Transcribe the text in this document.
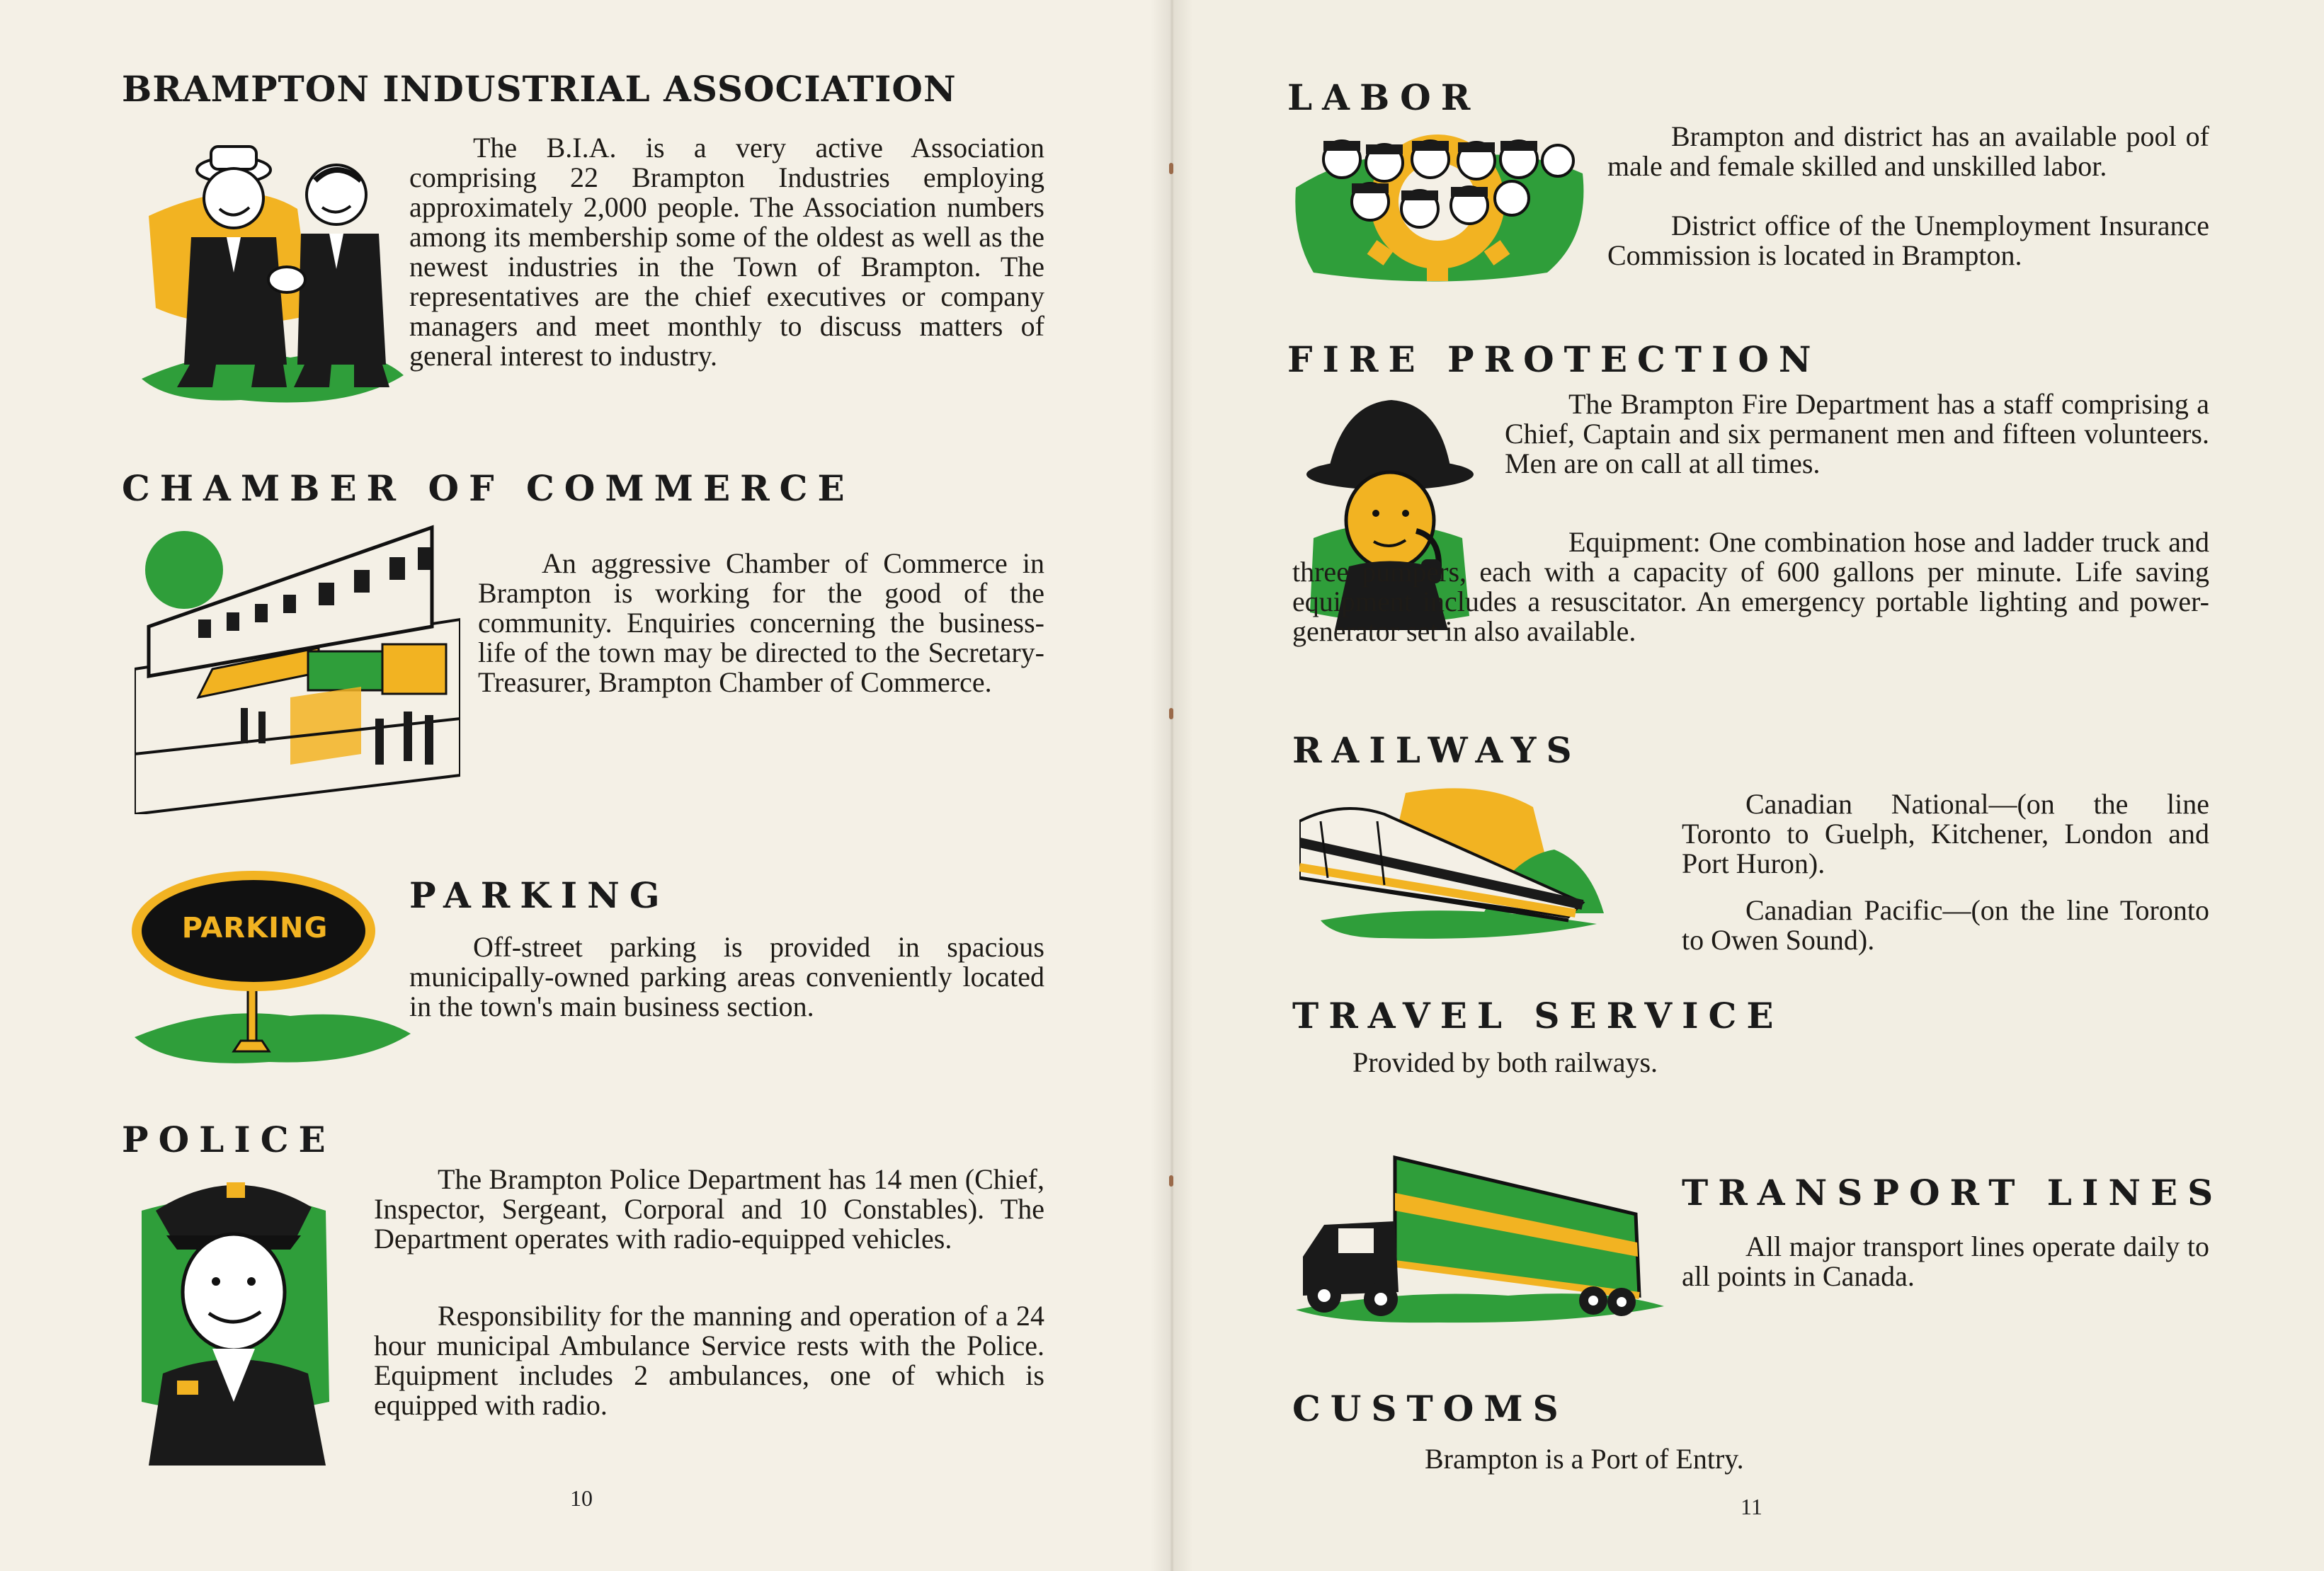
BRAMPTON INDUSTRIAL ASSOCIATION

The B.I.A. is a very active Association comprising 22 Brampton Industries employing approximately 2,000 people. The Association numbers among its membership some of the oldest as well as the newest industries in the Town of Brampton. The representatives are the chief executives or company managers and meet monthly to discuss matters of general interest to industry.

CHAMBER OF COMMERCE

An aggressive Chamber of Commerce in Brampton is working for the good of the community. Enquiries concerning the business-life of the town may be directed to the Secretary-Treasurer, Brampton Chamber of Commerce.

PARKING
PARKING

Off-street parking is provided in spacious municipally-owned parking areas conveniently located in the town's main business section.

POLICE

The Brampton Police Department has 14 men (Chief, Inspector, Sergeant, Corporal and 10 Constables). The Department operates with radio-equipped vehicles.

Responsibility for the manning and operation of a 24 hour municipal Ambulance Service rests with the Police. Equipment includes 2 ambulances, one of which is equipped with radio.

10
LABOR

Brampton and district has an available pool of male and female skilled and unskilled labor.

District office of the Unemployment Insurance Commission is located in Brampton.

FIRE PROTECTION

The Brampton Fire Department has a staff comprising a Chief, Captain and six permanent men and fifteen volunteers. Men are on call at all times.

Equipment: One combination hose and ladder truck and three pumpers, each with a capacity of 600 gallons per minute. Life saving equipment includes a resuscitator. An emergency portable lighting and power-generator set in also available.

RAILWAYS

Canadian National—(on the line Toronto to Guelph, Kitchener, London and Port Huron).

Canadian Pacific—(on the line Toronto to Owen Sound).

TRAVEL SERVICE

Provided by both railways.

TRANSPORT LINES

All major transport lines operate daily to all points in Canada.

CUSTOMS

Brampton is a Port of Entry.

11
